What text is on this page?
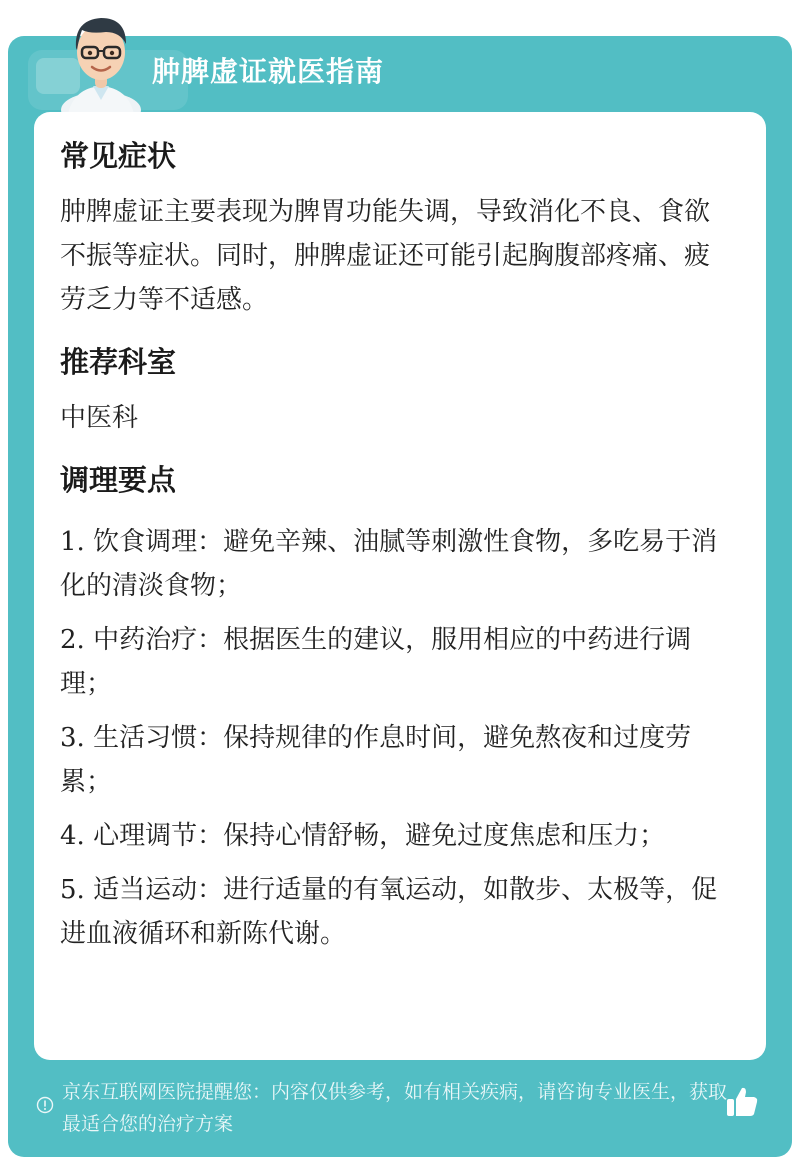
肿脾虚证就医指南
常见症状

肿脾虚证主要表现为脾胃功能失调，导致消化不良、食欲不振等症状。同时，肿脾虚证还可能引起胸腹部疼痛、疲劳乏力等不适感。

推荐科室

中医科

调理要点

1. 饮食调理：避免辛辣、油腻等刺激性食物，多吃易于消化的清淡食物；

2. 中药治疗：根据医生的建议，服用相应的中药进行调理；

3. 生活习惯：保持规律的作息时间，避免熬夜和过度劳累；

4. 心理调节：保持心情舒畅，避免过度焦虑和压力；

5. 适当运动：进行适量的有氧运动，如散步、太极等，促进血液循环和新陈代谢。

京东互联网医院提醒您：内容仅供参考，如有相关疾病，请咨询专业医生，获取最适合您的治疗方案
